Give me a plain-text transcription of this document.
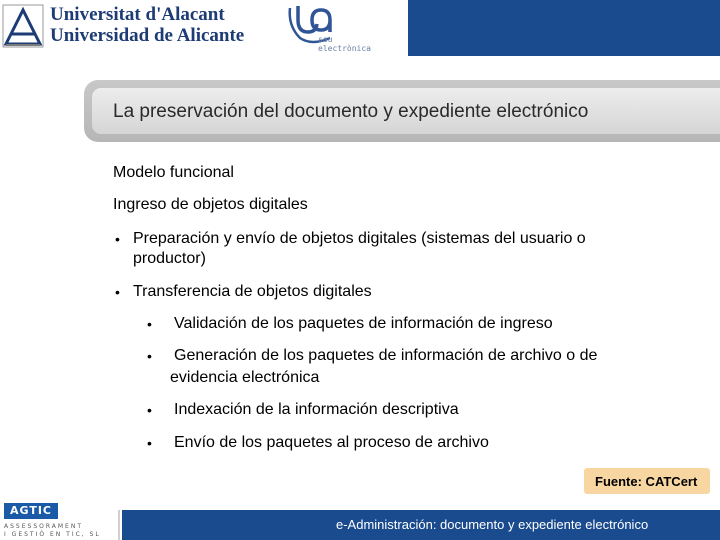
Universitat d'Alacant
Universidad de Alicante	seu
electrònica
La preservación del documento y expediente electrónico
Modelo funcional
Ingreso de objetos digitales
• Preparación y envío de objetos digitales (sistemas del usuario o
productor)
• Transferencia de objetos digitales
• Validación de los paquetes de información de ingreso
• Generación de los paquetes de información de archivo o de
evidencia electrónica
• Indexación de la información descriptiva
• Envío de los paquetes al proceso de archivo
Fuente: CATCert
AGTIC
ASSESSORAMENT
I GESTIÓ EN TIC, SL
e-Administración: documento y expediente electrónico
